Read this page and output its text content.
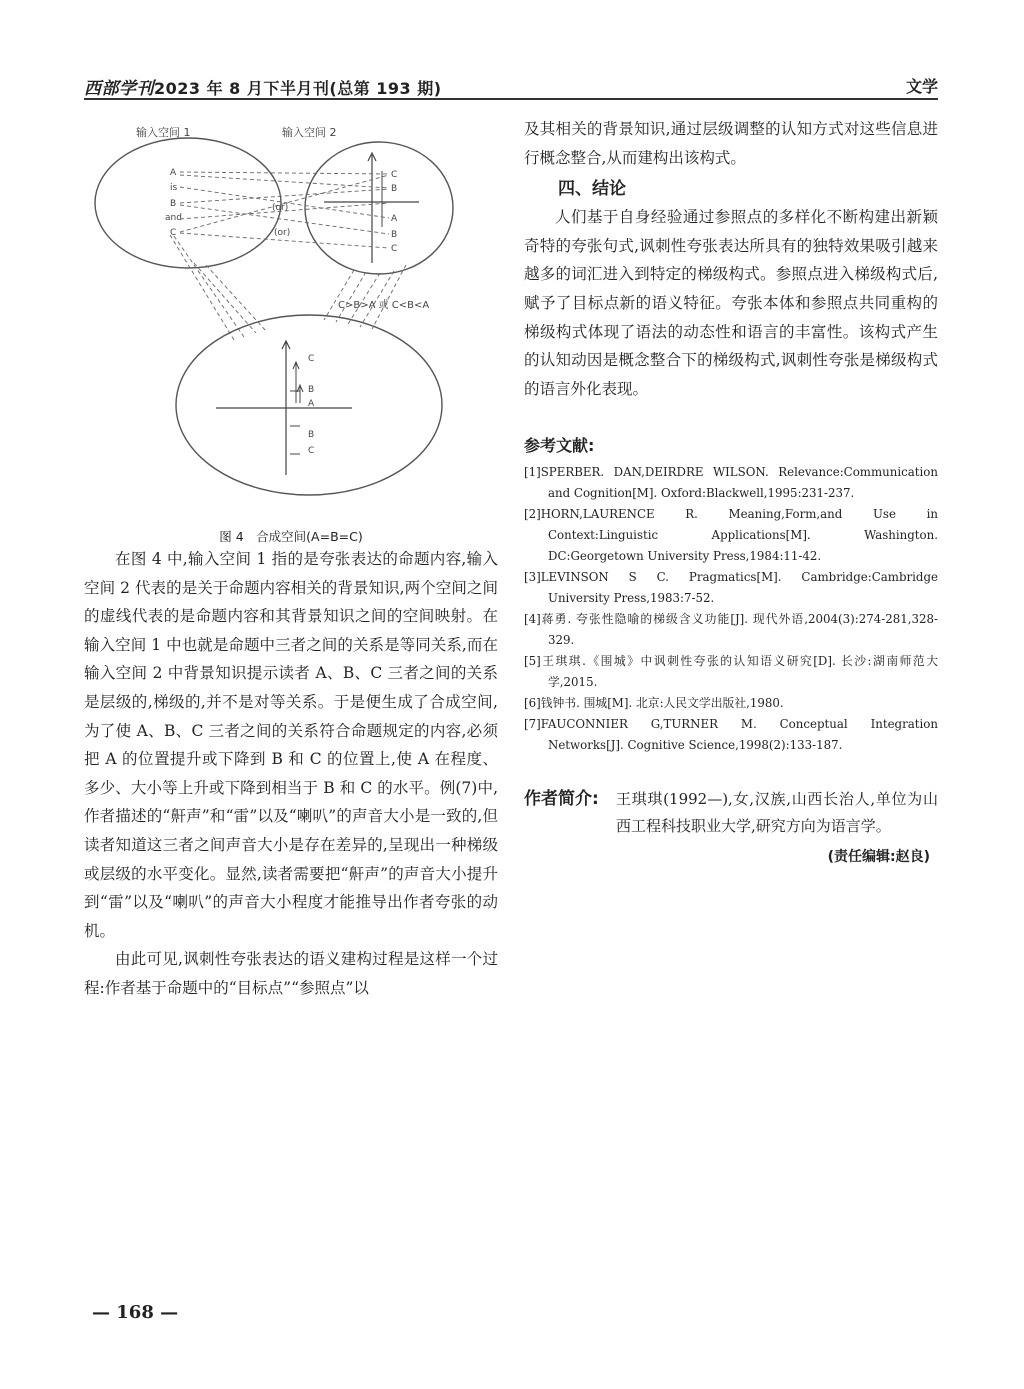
西部学刊2023 年 8 月下半月刊(总第 193 期)	文学
输入空间 1	输入空间 2
A
is
B
and
C
C
B
A
B
C
(or)
(or)
C>B>A 或 C<B<A
C
B
A
B
C
图 4　合成空间(A=B=C)

在图 4 中,输入空间 1 指的是夸张表达的命题内容,输入空间 2 代表的是关于命题内容相关的背景知识,两个空间之间的虚线代表的是命题内容和其背景知识之间的空间映射。在输入空间 1 中也就是命题中三者之间的关系是等同关系,而在输入空间 2 中背景知识提示读者 A、B、C 三者之间的关系是层级的,梯级的,并不是对等关系。于是便生成了合成空间,为了使 A、B、C 三者之间的关系符合命题规定的内容,必须把 A 的位置提升或下降到 B 和 C 的位置上,使 A 在程度、多少、大小等上升或下降到相当于 B 和 C 的水平。例(7)中,作者描述的“鼾声”和“雷”以及“喇叭”的声音大小是一致的,但读者知道这三者之间声音大小是存在差异的,呈现出一种梯级或层级的水平变化。显然,读者需要把“鼾声”的声音大小提升到“雷”以及“喇叭”的声音大小程度才能推导出作者夸张的动机。

由此可见,讽刺性夸张表达的语义建构过程是这样一个过程:作者基于命题中的“目标点”“参照点”以

及其相关的背景知识,通过层级调整的认知方式对这些信息进行概念整合,从而建构出该构式。

四、结论

人们基于自身经验通过参照点的多样化不断构建出新颖奇特的夸张句式,讽刺性夸张表达所具有的独特效果吸引越来越多的词汇进入到特定的梯级构式。参照点进入梯级构式后,赋予了目标点新的语义特征。夸张本体和参照点共同重构的梯级构式体现了语法的动态性和语言的丰富性。该构式产生的认知动因是概念整合下的梯级构式,讽刺性夸张是梯级构式的语言外化表现。

参考文献:

[1]SPERBER. DAN,DEIRDRE WILSON. Relevance:Communication and Cognition[M]. Oxford:Blackwell,1995:231-237.

[2]HORN,LAURENCE R. Meaning,Form,and Use in Context:Linguistic Applications[M]. Washington. DC:Georgetown University Press,1984:11-42.

[3]LEVINSON S C. Pragmatics[M]. Cambridge:Cambridge University Press,1983:7-52.

[4]蒋勇. 夸张性隐喻的梯级含义功能[J]. 现代外语,2004(3):274-281,328-329.

[5]王琪琪.《围城》中讽刺性夸张的认知语义研究[D]. 长沙:湖南师范大学,2015.

[6]钱钟书. 围城[M]. 北京:人民文学出版社,1980.

[7]FAUCONNIER G,TURNER M. Conceptual Integration Networks[J]. Cognitive Science,1998(2):133-187.

作者简介:	王琪琪(1992—),女,汉族,山西长治人,单位为山西工程科技职业大学,研究方向为语言学。
(责任编辑:赵良)
— 168 —
